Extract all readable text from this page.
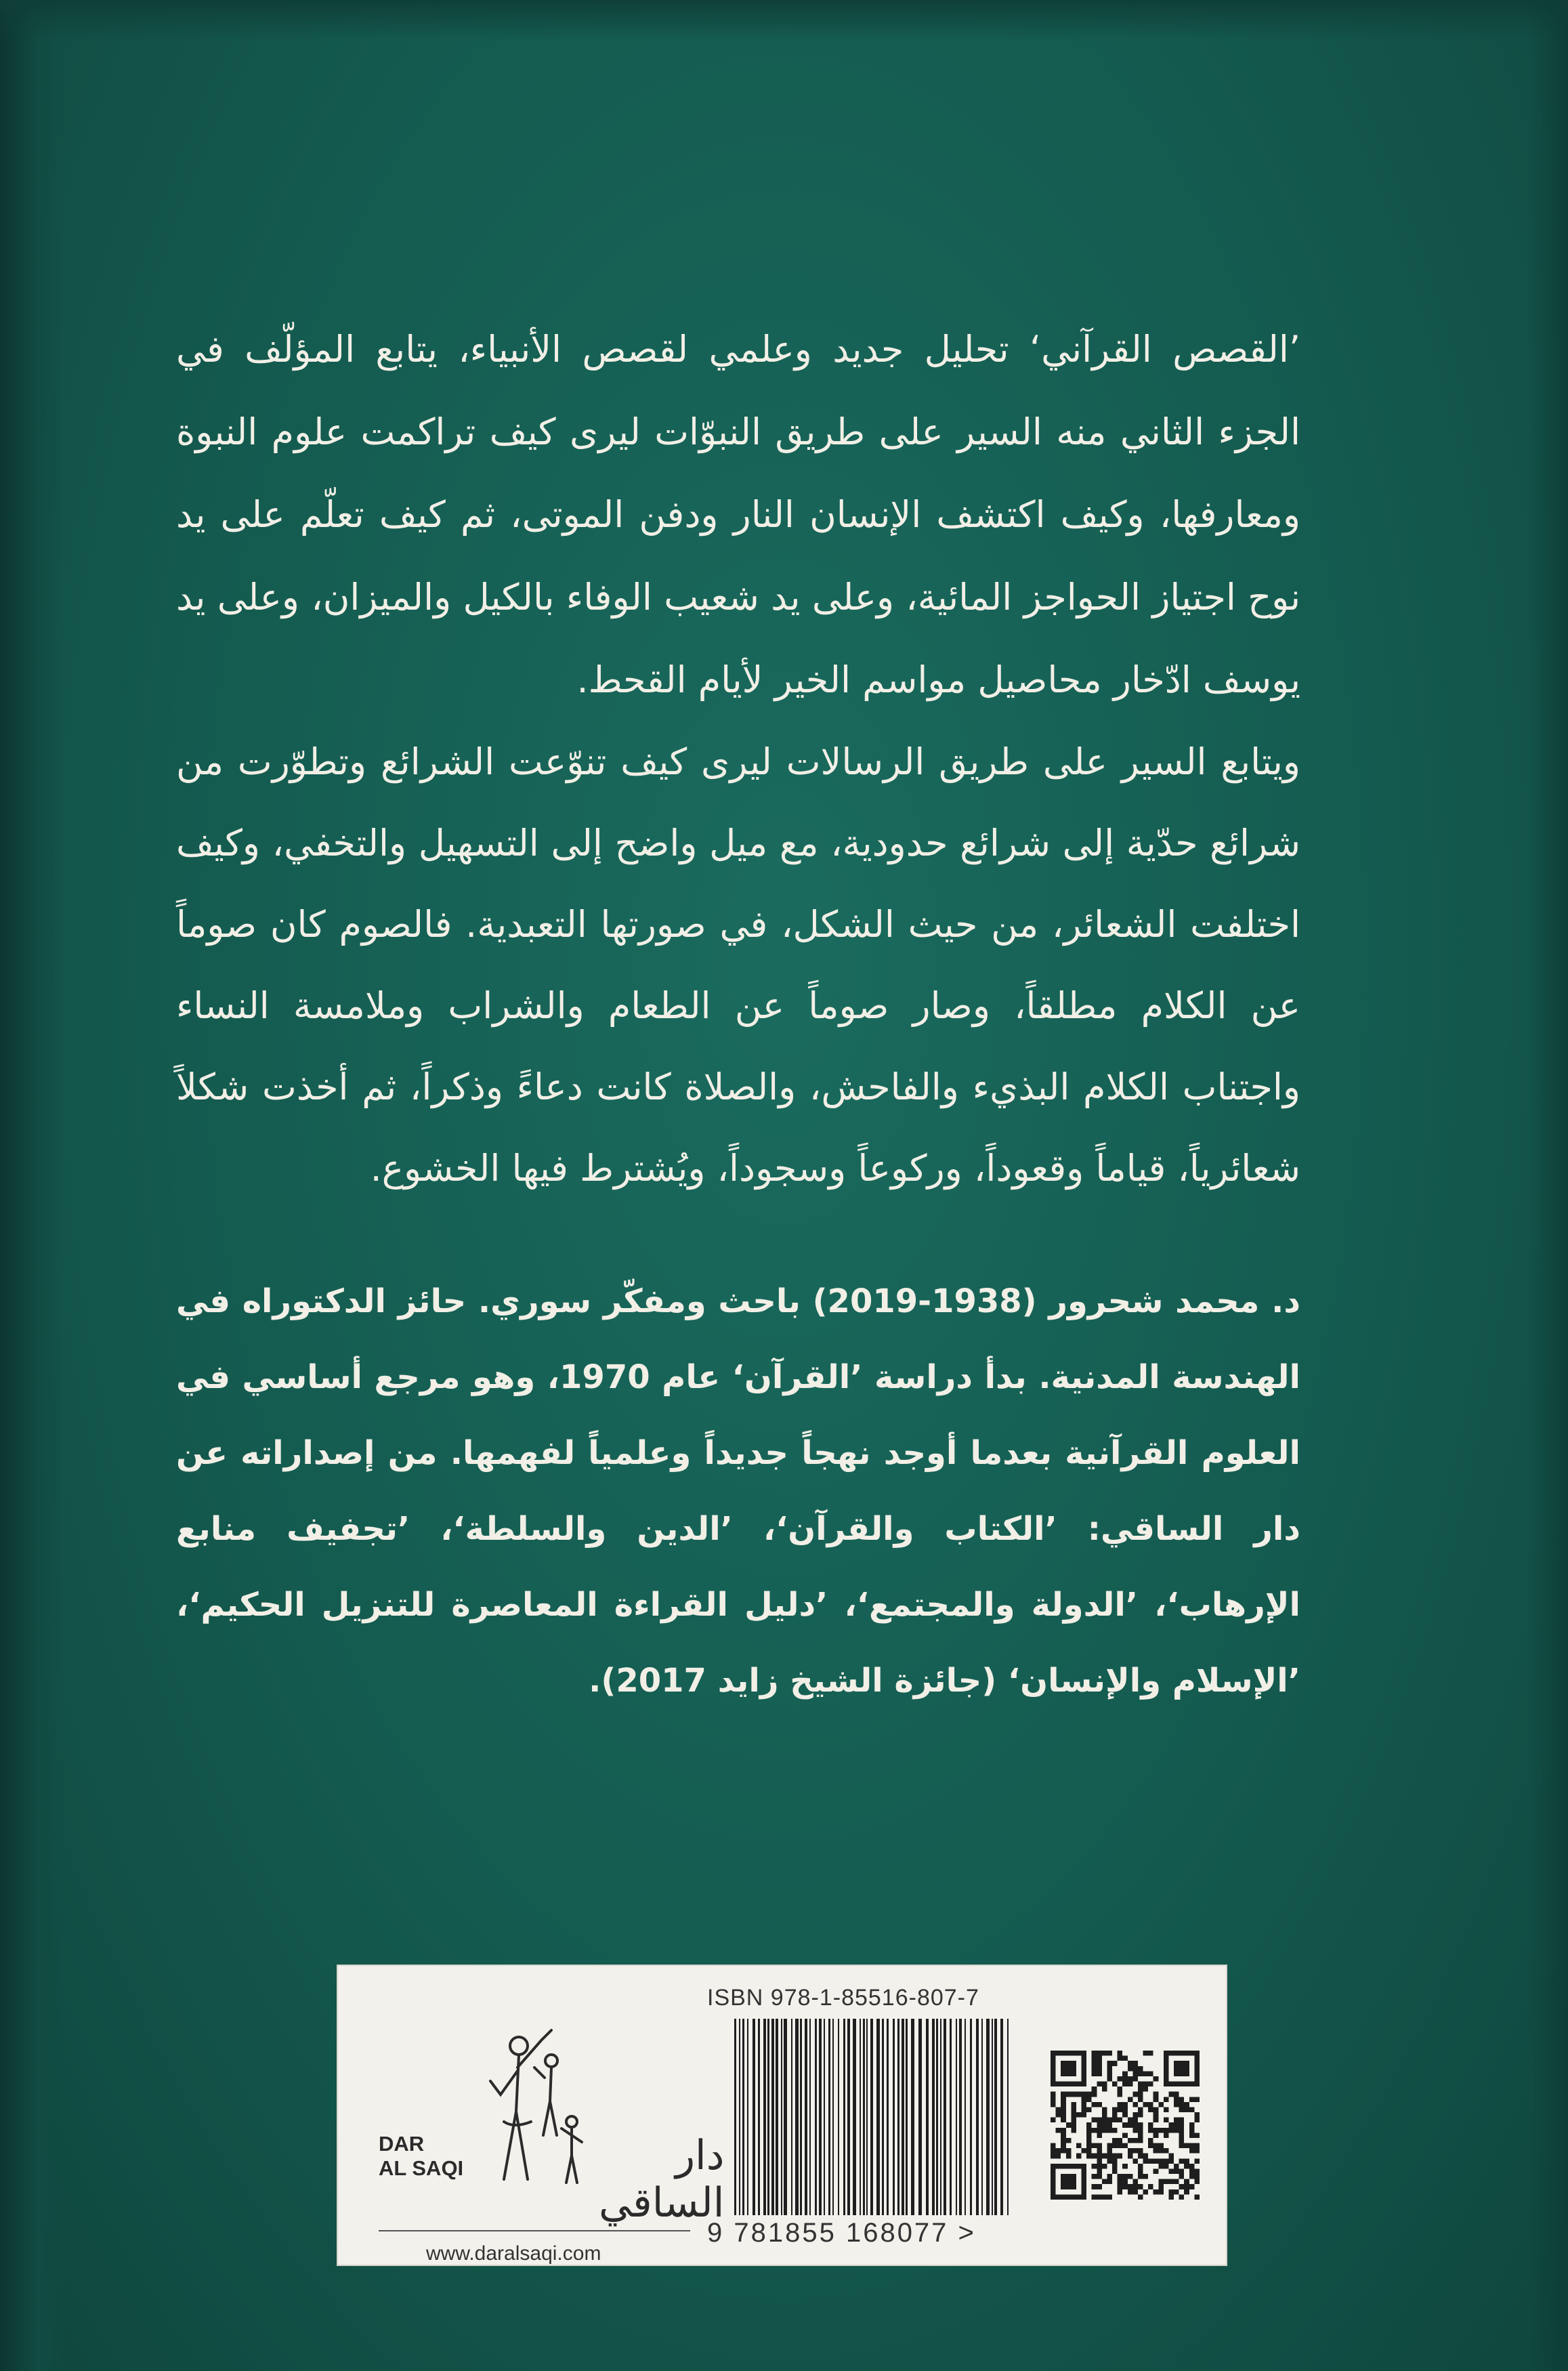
’القصص القرآني‘ تحليل جديد وعلمي لقصص الأنبياء، يتابع المؤلّف في الجزء الثاني منه السير على طريق النبوّات ليرى كيف تراكمت علوم النبوة ومعارفها، وكيف اكتشف الإنسان النار ودفن الموتى، ثم كيف تعلّم على يد نوح اجتياز الحواجز المائية، وعلى يد شعيب الوفاء بالكيل والميزان، وعلى يد يوسف ادّخار محاصيل مواسم الخير لأيام القحط.

ويتابع السير على طريق الرسالات ليرى كيف تنوّعت الشرائع وتطوّرت من شرائع حدّية إلى شرائع حدودية، مع ميل واضح إلى التسهيل والتخفي، وكيف اختلفت الشعائر، من حيث الشكل، في صورتها التعبدية. فالصوم كان صوماً عن الكلام مطلقاً، وصار صوماً عن الطعام والشراب وملامسة النساء واجتناب الكلام البذيء والفاحش، والصلاة كانت دعاءً وذكراً، ثم أخذت شكلاً شعائرياً، قياماً وقعوداً، وركوعاً وسجوداً، ويُشترط فيها الخشوع.

د. محمد شحرور (1938-2019) باحث ومفكّر سوري. حائز الدكتوراه في الهندسة المدنية. بدأ دراسة ’القرآن‘ عام 1970، وهو مرجع أساسي في العلوم القرآنية بعدما أوجد نهجاً جديداً وعلمياً لفهمها. من إصداراته عن دار الساقي: ’الكتاب والقرآن‘، ’الدين والسلطة‘، ’تجفيف منابع الإرهاب‘، ’الدولة والمجتمع‘، ’دليل القراءة المعاصرة للتنزيل الحكيم‘، ’الإسلام والإنسان‘ (جائزة الشيخ زايد 2017).

DAR
AL SAQI	دار الساقي
www.daralsaqi.com
ISBN 978-1-85516-807-7
9 781855 168077 >
